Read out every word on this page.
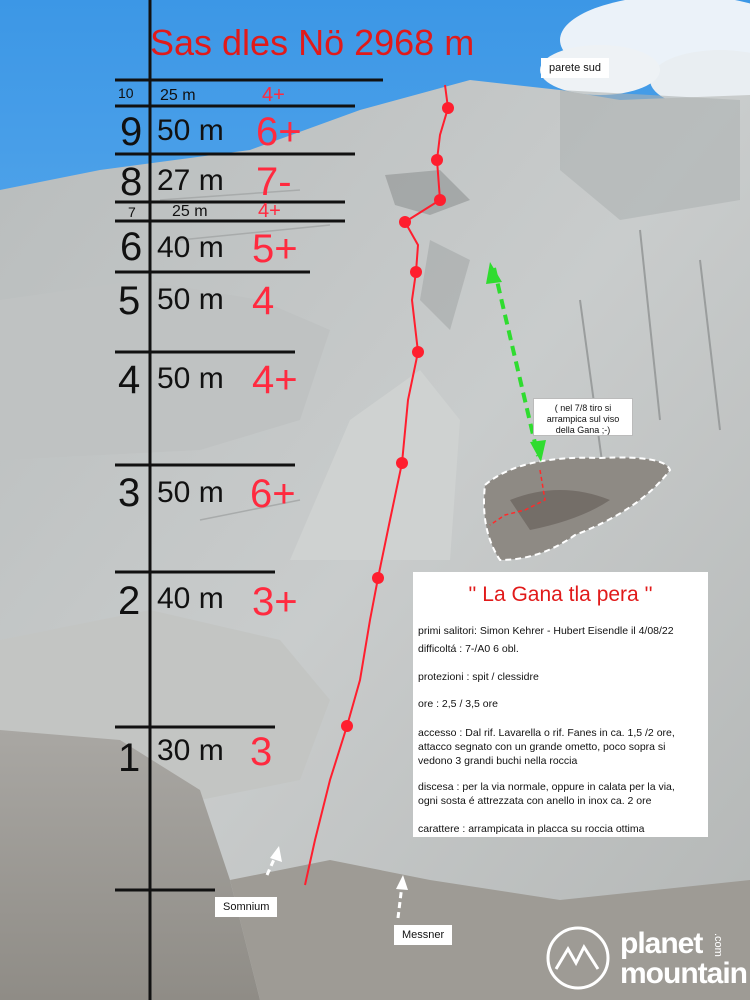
Sas dles Nö 2968 m
parete sud
10 25 m	4+
9 50 m 6+
8 27 m 7-
7 25 m	4+
6 40 m 5+
5 50 m 4
4 50 m 4+
3 50 m 6+
2 40 m 3+
1 30 m 3
( nel 7/8 tiro si arrampica sul viso della Gana ;-)
'' La Gana tla pera ''
primi salitori: Simon Kehrer - Hubert Eisendle il 4/08/22
difficoltá : 7-/A0 6 obl.
protezioni : spit / clessidre
ore : 2,5 / 3,5 ore
accesso : Dal rif. Lavarella o rif. Fanes in ca. 1,5 /2 ore,
attacco segnato con un grande ometto, poco sopra si
vedono 3 grandi buchi nella roccia
discesa : per la via normale, oppure in calata per la via,
ogni sosta é attrezzata con anello in inox ca. 2 ore
carattere : arrampicata in placca su roccia ottima
Somnium
Messner	planet
mountain
.com
